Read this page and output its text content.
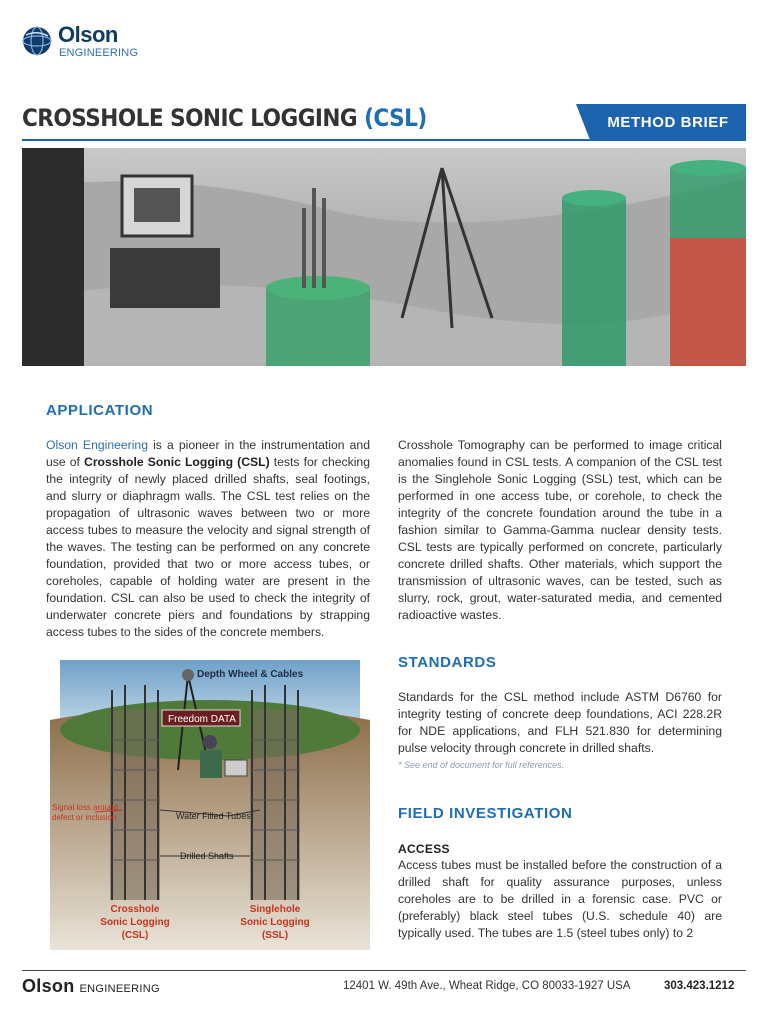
Olson
ENGINEERING
CROSSHOLE SONIC LOGGING (CSL)	METHOD BRIEF
APPLICATION

Olson Engineering is a pioneer in the instrumentation and use of Crosshole Sonic Logging (CSL) tests for checking the integrity of newly placed drilled shafts, seal footings, and slurry or diaphragm walls. The CSL test relies on the propagation of ultrasonic waves between two or more access tubes to measure the velocity and signal strength of the waves. The testing can be performed on any concrete foundation, provided that two or more access tubes, or coreholes, capable of holding water are present in the foundation. CSL can also be used to check the integrity of underwater concrete piers and foundations by strapping access tubes to the sides of the concrete members.

Crosshole Tomography can be performed to image critical anomalies found in CSL tests. A companion of the CSL test is the Singlehole Sonic Logging (SSL) test, which can be performed in one access tube, or corehole, to check the integrity of the concrete foundation around the tube in a fashion similar to Gamma-Gamma nuclear density tests. CSL tests are typically performed on concrete, particularly concrete drilled shafts. Other materials, which support the transmission of ultrasonic waves, can be tested, such as slurry, rock, grout, water-saturated media, and cemented radioactive wastes.

STANDARDS

Standards for the CSL method include ASTM D6760 for integrity testing of concrete deep foundations, ACI 228.2R for NDE applications, and FLH 521.830 for determining pulse velocity through concrete in drilled shafts.

* See end of document for full references.
FIELD INVESTIGATION
ACCESS

Access tubes must be installed before the construction of a drilled shaft for quality assurance purposes, unless coreholes are to be drilled in a forensic case. PVC or (preferably) black steel tubes (U.S. schedule 40) are typically used. The tubes are 1.5 (steel tubes only) to 2

Depth Wheel & Cables
Freedom DATA
Signal loss around
defect or inclusion	Water Filled Tubes
Drilled Shafts
Crosshole
Sonic Logging
(CSL)
Singlehole
Sonic Logging
(SSL)
Olson ENGINEERING	12401 W. 49th Ave., Wheat Ridge, CO 80033-1927 USA	303.423.1212
